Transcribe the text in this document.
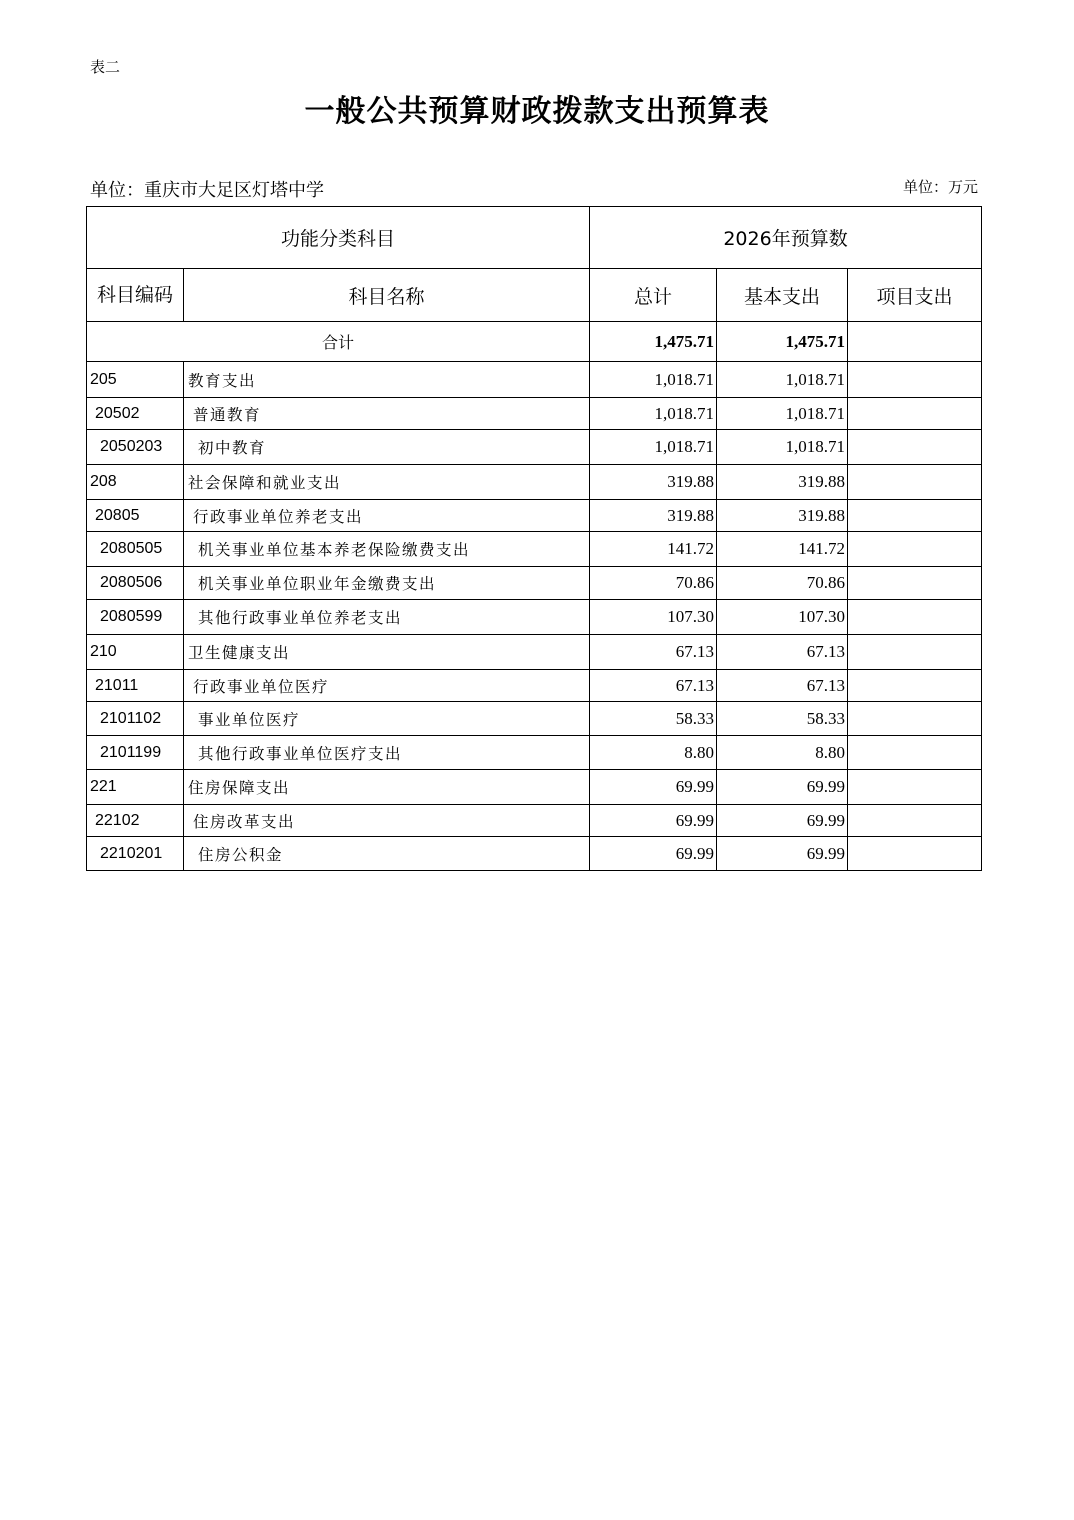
表二
一般公共预算财政拨款支出预算表
单位：重庆市大足区灯塔中学	单位：万元
功能分类科目		2026年预算数		
科目编码	科目名称	总计	基本支出	项目支出
合计		1,475.71	1,475.71	
205	教育支出	1,018.71	1,018.71	
20502	普通教育	1,018.71	1,018.71	
2050203	初中教育	1,018.71	1,018.71	
208	社会保障和就业支出	319.88	319.88	
20805	行政事业单位养老支出	319.88	319.88	
2080505	机关事业单位基本养老保险缴费支出	141.72	141.72	
2080506	机关事业单位职业年金缴费支出	70.86	70.86	
2080599	其他行政事业单位养老支出	107.30	107.30	
210	卫生健康支出	67.13	67.13	
21011	行政事业单位医疗	67.13	67.13	
2101102	事业单位医疗	58.33	58.33	
2101199	其他行政事业单位医疗支出	8.80	8.80	
221	住房保障支出	69.99	69.99	
22102	住房改革支出	69.99	69.99	
2210201	住房公积金	69.99	69.99	
